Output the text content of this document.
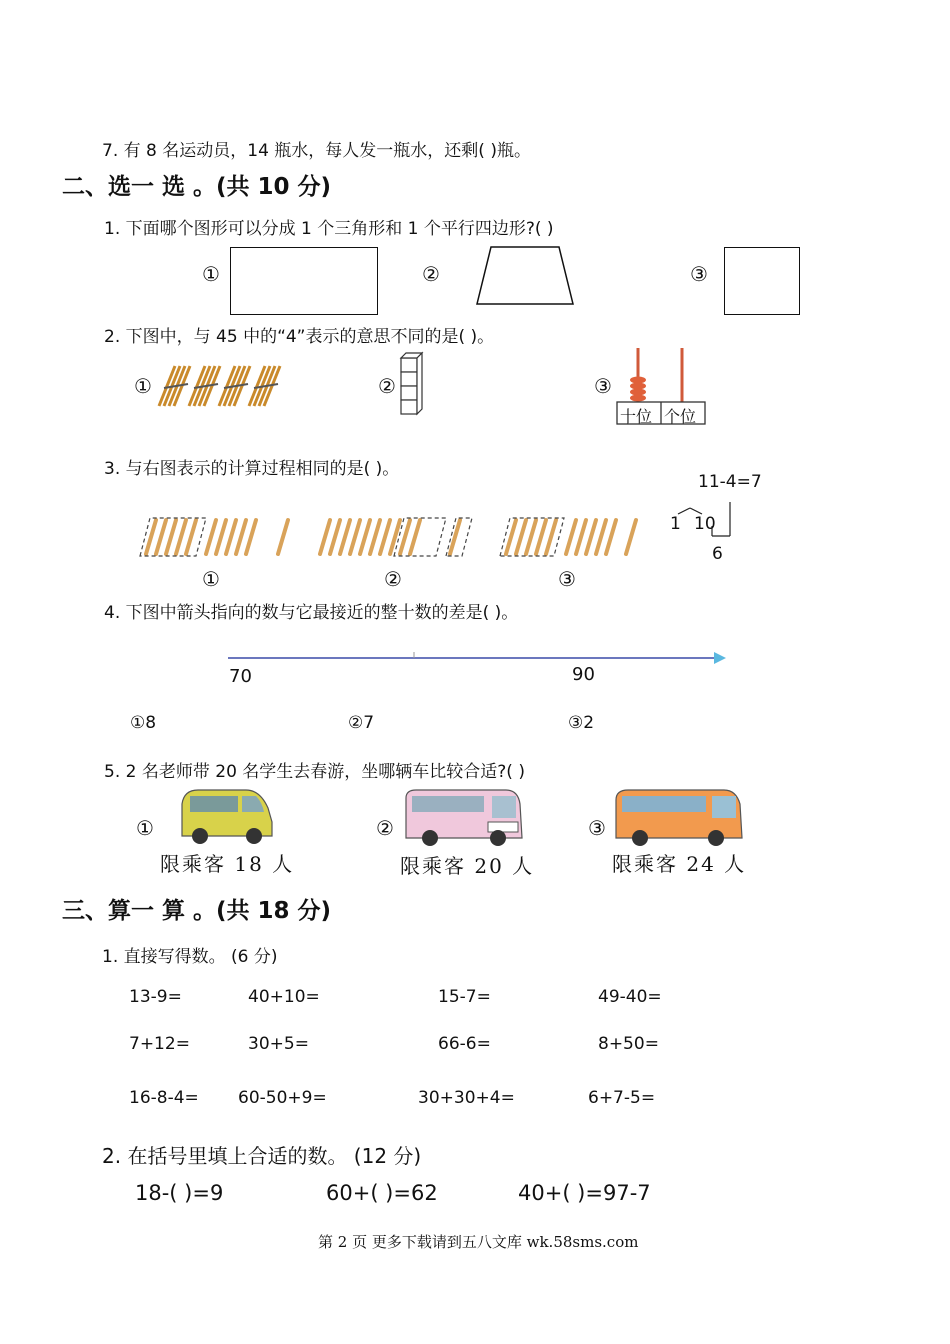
7. 有 8 名运动员，14 瓶水，每人发一瓶水，还剩( )瓶。
二、选一 选 。(共 10 分)
1. 下面哪个图形可以分成 1 个三角形和 1 个平行四边形?( )
①	②	③
2. 下图中，与 45 中的“4”表示的意思不同的是( )。
①	②	③
十位 个位
3. 与右图表示的计算过程相同的是( )。
11-4=7
1 10
6
①	②	③
4. 下图中箭头指向的数与它最接近的整十数的差是( )。
70	90
①8	②7	③2
5. 2 名老师带 20 名学生去春游，坐哪辆车比较合适?( )
①
限乘客 18 人
②
限乘客 20 人
③
限乘客 24 人
三、算一 算 。(共 18 分)
1. 直接写得数。 (6 分)
13-9=	40+10=	15-7=	49-40=
7+12=	30+5=	66-6=	8+50=
16-8-4= 60-50+9=	30+30+4=	6+7-5=
2. 在括号里填上合适的数。 (12 分)
18-( )=9	60+( )=62	40+( )=97-7
第 2 页 更多下载请到五八文库 wk.58sms.com
